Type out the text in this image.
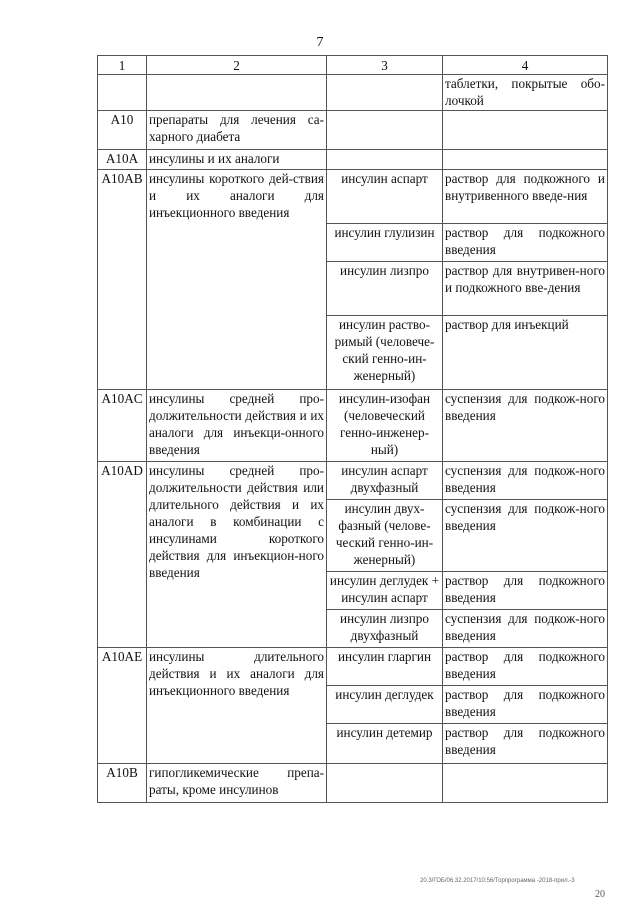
7
1	2	3	4
			таблетки, покрытые обо-лочкой
A10	препараты для лечения са-харного диабета		
A10A	инсулины и их аналоги		
A10AB	инсулины короткого дей-ствия и их аналоги для инъекционного введения	инсулин аспарт	раствор для подкожного и внутривенного введе-ния
		инсулин глулизин	раствор для подкожного введения
		инсулин лизпро	раствор для внутривен-ного и подкожного вве-дения
		инсулин раство-римый (человече-ский генно-ин-женерный)	раствор для инъекций
A10AC	инсулины средней про-должительности действия и их аналоги для инъекци-онного введения	инсулин-изофан (человеческий генно-инженер-ный)	суспензия для подкож-ного введения
A10AD	инсулины средней про-должительности действия или длительного действия и их аналоги в комбинации с инсулинами короткого действия для инъекцион-ного введения	инсулин аспарт двухфазный	суспензия для подкож-ного введения
		инсулин двух-фазный (челове-ческий генно-ин-женерный)	суспензия для подкож-ного введения
		инсулин деглудек + инсулин аспарт	раствор для подкожного введения
		инсулин лизпро двухфазный	суспензия для подкож-ного введения
A10AE	инсулины длительного действия и их аналоги для инъекционного введения	инсулин гларгин	раствор для подкожного введения
		инсулин деглудек	раствор для подкожного введения
		инсулин детемир	раствор для подкожного введения
A10B	гипогликемические препа-раты, кроме инсулинов		
20.3/ГОБ/06.32.2017/10:56/Торпрограмма -2018-прил.-3
20
